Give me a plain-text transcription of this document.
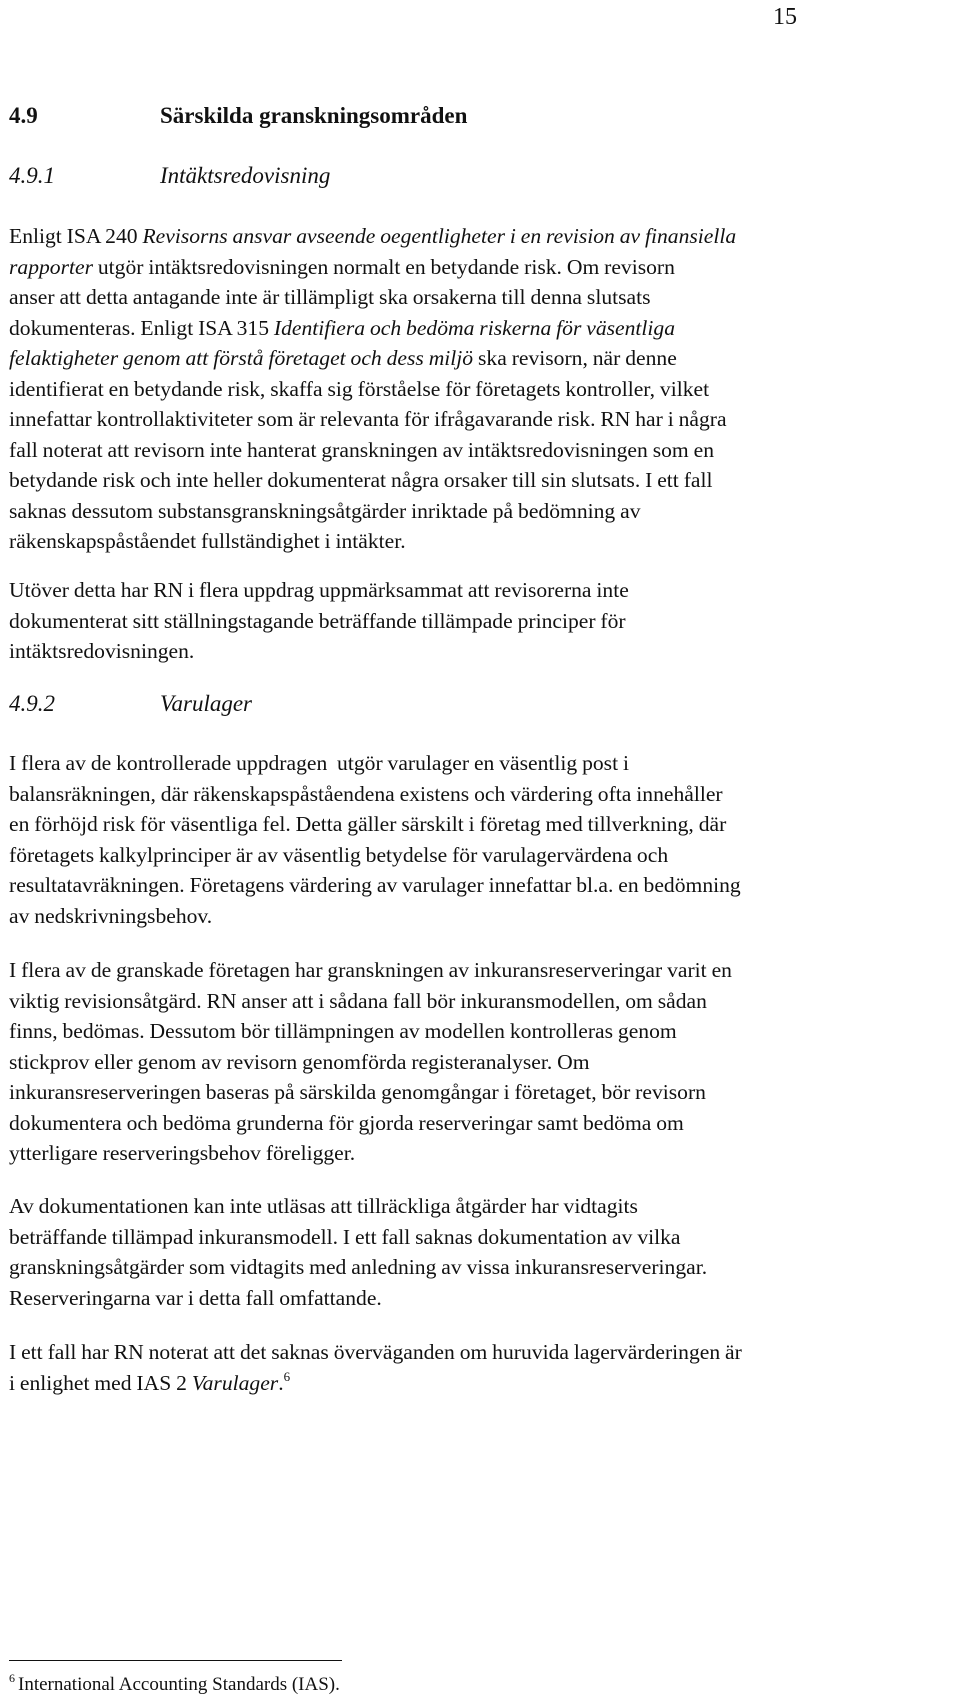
15
4.9	Särskilda granskningsområden
4.9.1	Intäktsredovisning
Enligt ISA 240 Revisorns ansvar avseende oegentligheter i en revision av finansiella
rapporter utgör intäktsredovisningen normalt en betydande risk. Om revisorn
anser att detta antagande inte är tillämpligt ska orsakerna till denna slutsats
dokumenteras. Enligt ISA 315 Identifiera och bedöma riskerna för väsentliga
felaktigheter genom att förstå företaget och dess miljö ska revisorn, när denne
identifierat en betydande risk, skaffa sig förståelse för företagets kontroller, vilket
innefattar kontrollaktiviteter som är relevanta för ifrågavarande risk. RN har i några
fall noterat att revisorn inte hanterat granskningen av intäktsredovisningen som en
betydande risk och inte heller dokumenterat några orsaker till sin slutsats. I ett fall
saknas dessutom substansgranskningsåtgärder inriktade på bedömning av
räkenskapspåståendet fullständighet i intäkter.
Utöver detta har RN i flera uppdrag uppmärksammat att revisorerna inte
dokumenterat sitt ställningstagande beträffande tillämpade principer för
intäktsredovisningen.
4.9.2	Varulager
I flera av de kontrollerade uppdragen  utgör varulager en väsentlig post i
balansräkningen, där räkenskapspåståendena existens och värdering ofta innehåller
en förhöjd risk för väsentliga fel. Detta gäller särskilt i företag med tillverkning, där
företagets kalkylprinciper är av väsentlig betydelse för varulagervärdena och
resultatavräkningen. Företagens värdering av varulager innefattar bl.a. en bedömning
av nedskrivningsbehov.
I flera av de granskade företagen har granskningen av inkuransreserveringar varit en
viktig revisionsåtgärd. RN anser att i sådana fall bör inkuransmodellen, om sådan
finns, bedömas. Dessutom bör tillämpningen av modellen kontrolleras genom
stickprov eller genom av revisorn genomförda registeranalyser. Om
inkuransreserveringen baseras på särskilda genomgångar i företaget, bör revisorn
dokumentera och bedöma grunderna för gjorda reserveringar samt bedöma om
ytterligare reserveringsbehov föreligger.
Av dokumentationen kan inte utläsas att tillräckliga åtgärder har vidtagits
beträffande tillämpad inkuransmodell. I ett fall saknas dokumentation av vilka
granskningsåtgärder som vidtagits med anledning av vissa inkuransreserveringar.
Reserveringarna var i detta fall omfattande.
I ett fall har RN noterat att det saknas överväganden om huruvida lagervärderingen är
i enlighet med IAS 2 Varulager.$^6$
$^6$ International Accounting Standards (IAS).
